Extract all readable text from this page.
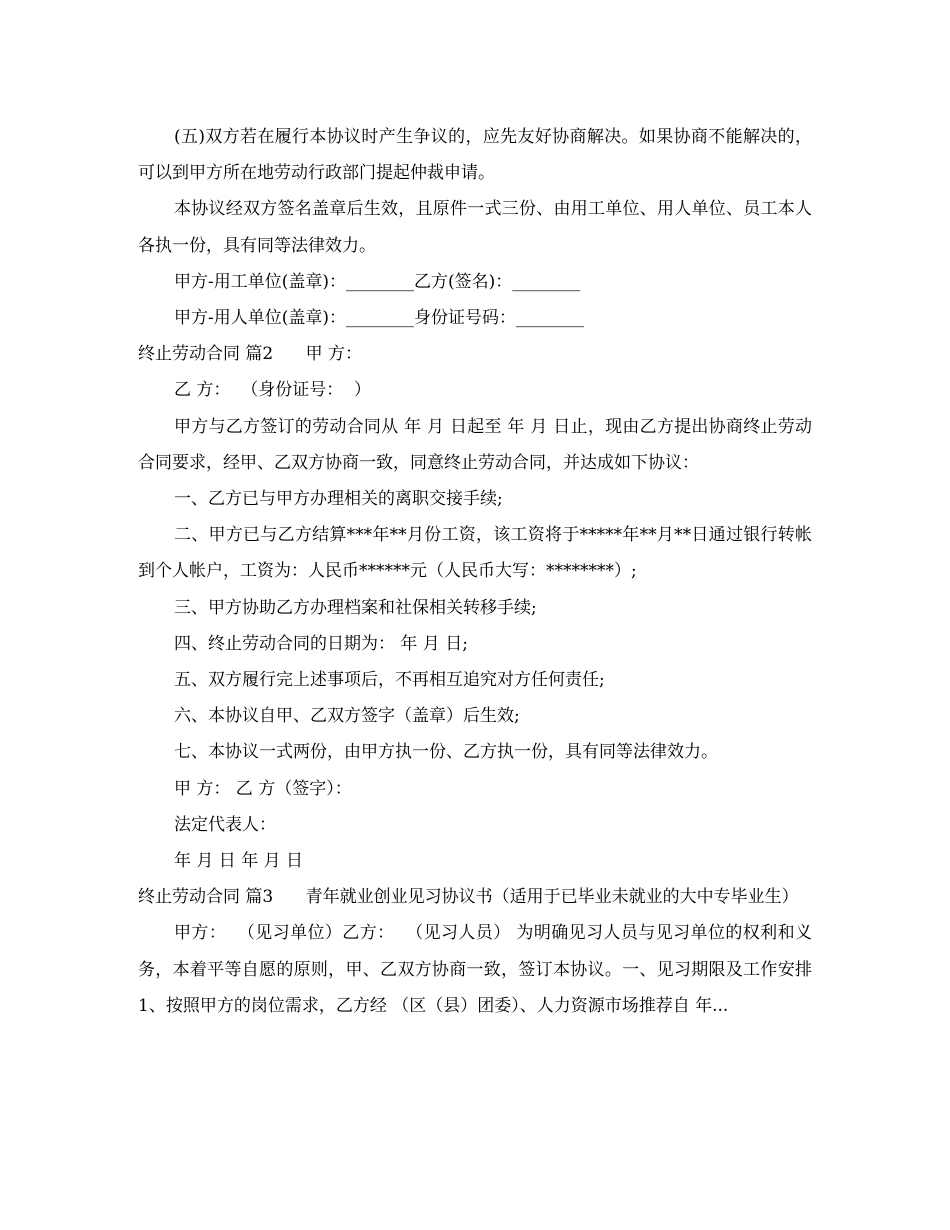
(五)双方若在履行本协议时产生争议的，应先友好协商解决。如果协商不能解决的，可以到甲方所在地劳动行政部门提起仲裁申请。

本协议经双方签名盖章后生效，且原件一式三份、由用工单位、用人单位、员工本人各执一份，具有同等法律效力。

甲方-用工单位(盖章)：________乙方(签名)：________

甲方-用人单位(盖章)：________身份证号码：________

终止劳动合同 篇2      甲 方：

乙 方：  （身份证号：  ）

甲方与乙方签订的劳动合同从 年 月 日起至 年 月 日止，现由乙方提出协商终止劳动合同要求，经甲、乙双方协商一致，同意终止劳动合同，并达成如下协议：

一、乙方已与甲方办理相关的离职交接手续;

二、甲方已与乙方结算***年**月份工资，该工资将于*****年**月**日通过银行转帐到个人帐户，工资为：人民币******元（人民币大写：********）;

三、甲方协助乙方办理档案和社保相关转移手续;

四、终止劳动合同的日期为： 年 月 日;

五、双方履行完上述事项后，不再相互追究对方任何责任;

六、本协议自甲、乙双方签字（盖章）后生效;

七、本协议一式两份，由甲方执一份、乙方执一份，具有同等法律效力。

甲 方： 乙 方（签字）：

法定代表人：

年 月 日 年 月 日

终止劳动合同 篇3      青年就业创业见习协议书（适用于已毕业未就业的大中专毕业生）

甲方：  （见习单位）乙方：  （见习人员） 为明确见习人员与见习单位的权利和义务，本着平等自愿的原则，甲、乙双方协商一致，签订本协议。一、见习期限及工作安排 1、按照甲方的岗位需求，乙方经 （区（县）团委）、人力资源市场推荐自 年...
